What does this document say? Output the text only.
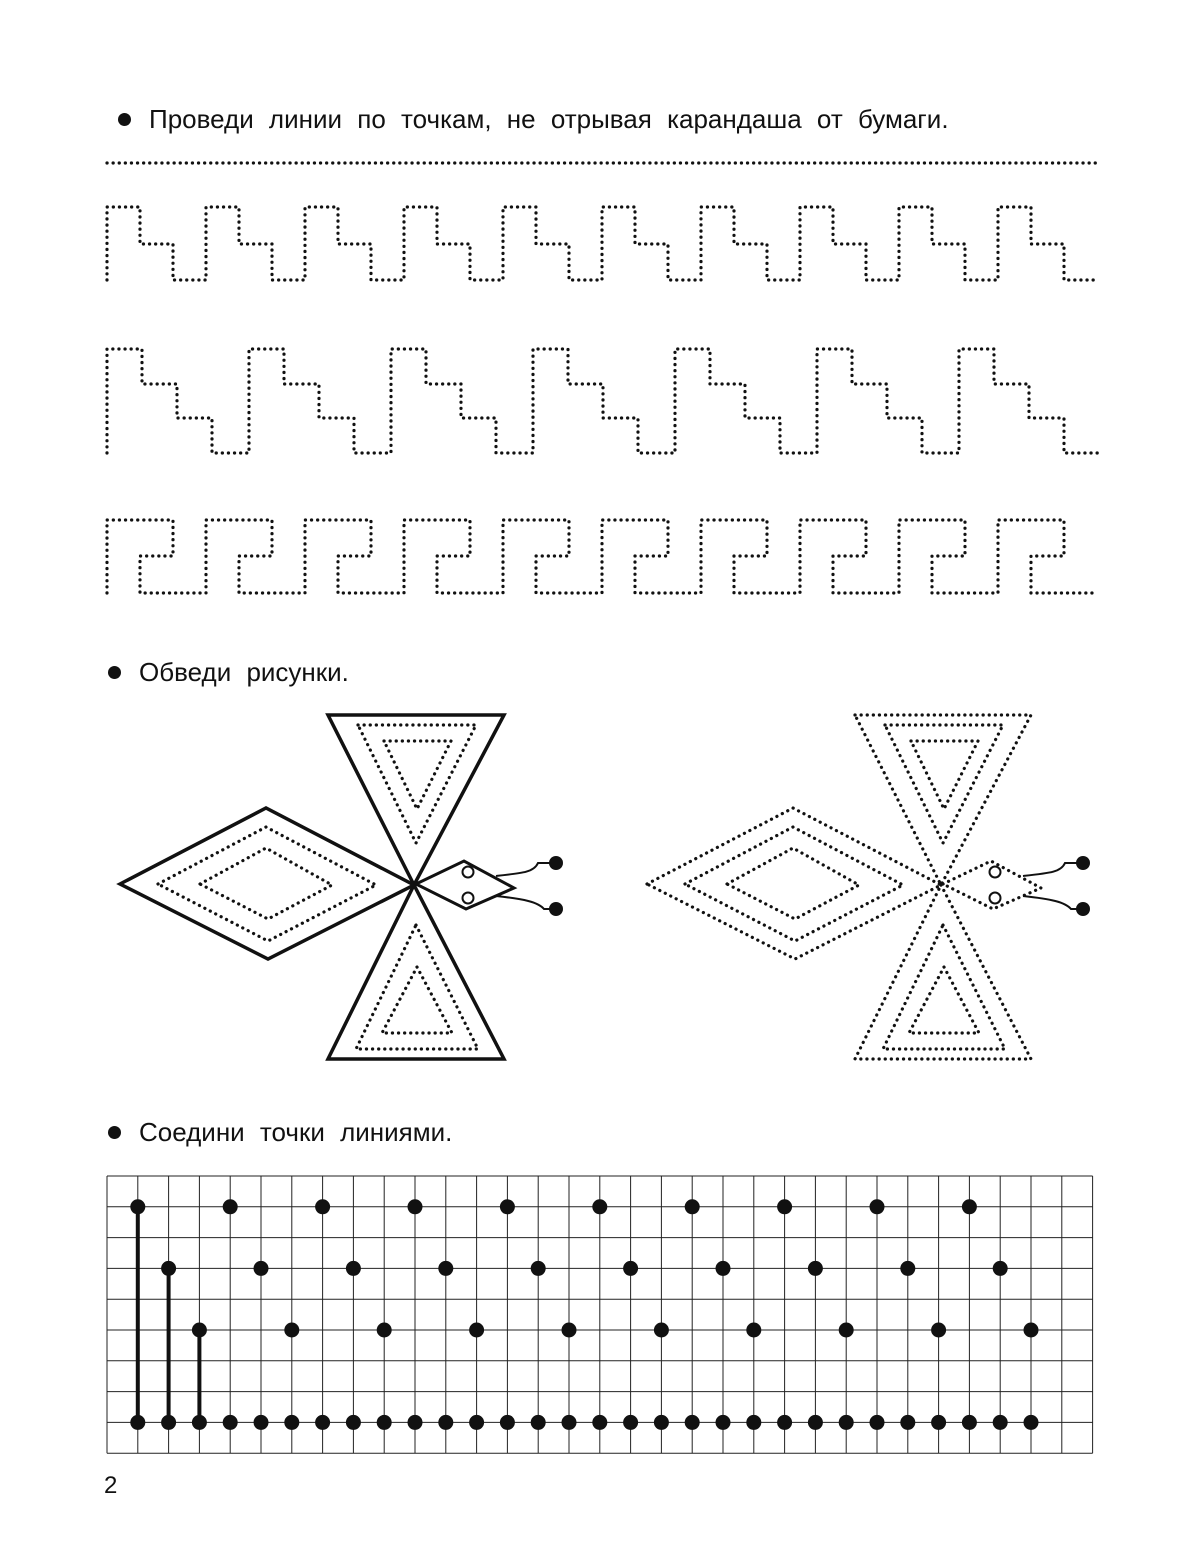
Проведи линии по точкам, не отрывая карандаша от бумаги.
Обведи рисунки.
Соедини точки линиями.
2
